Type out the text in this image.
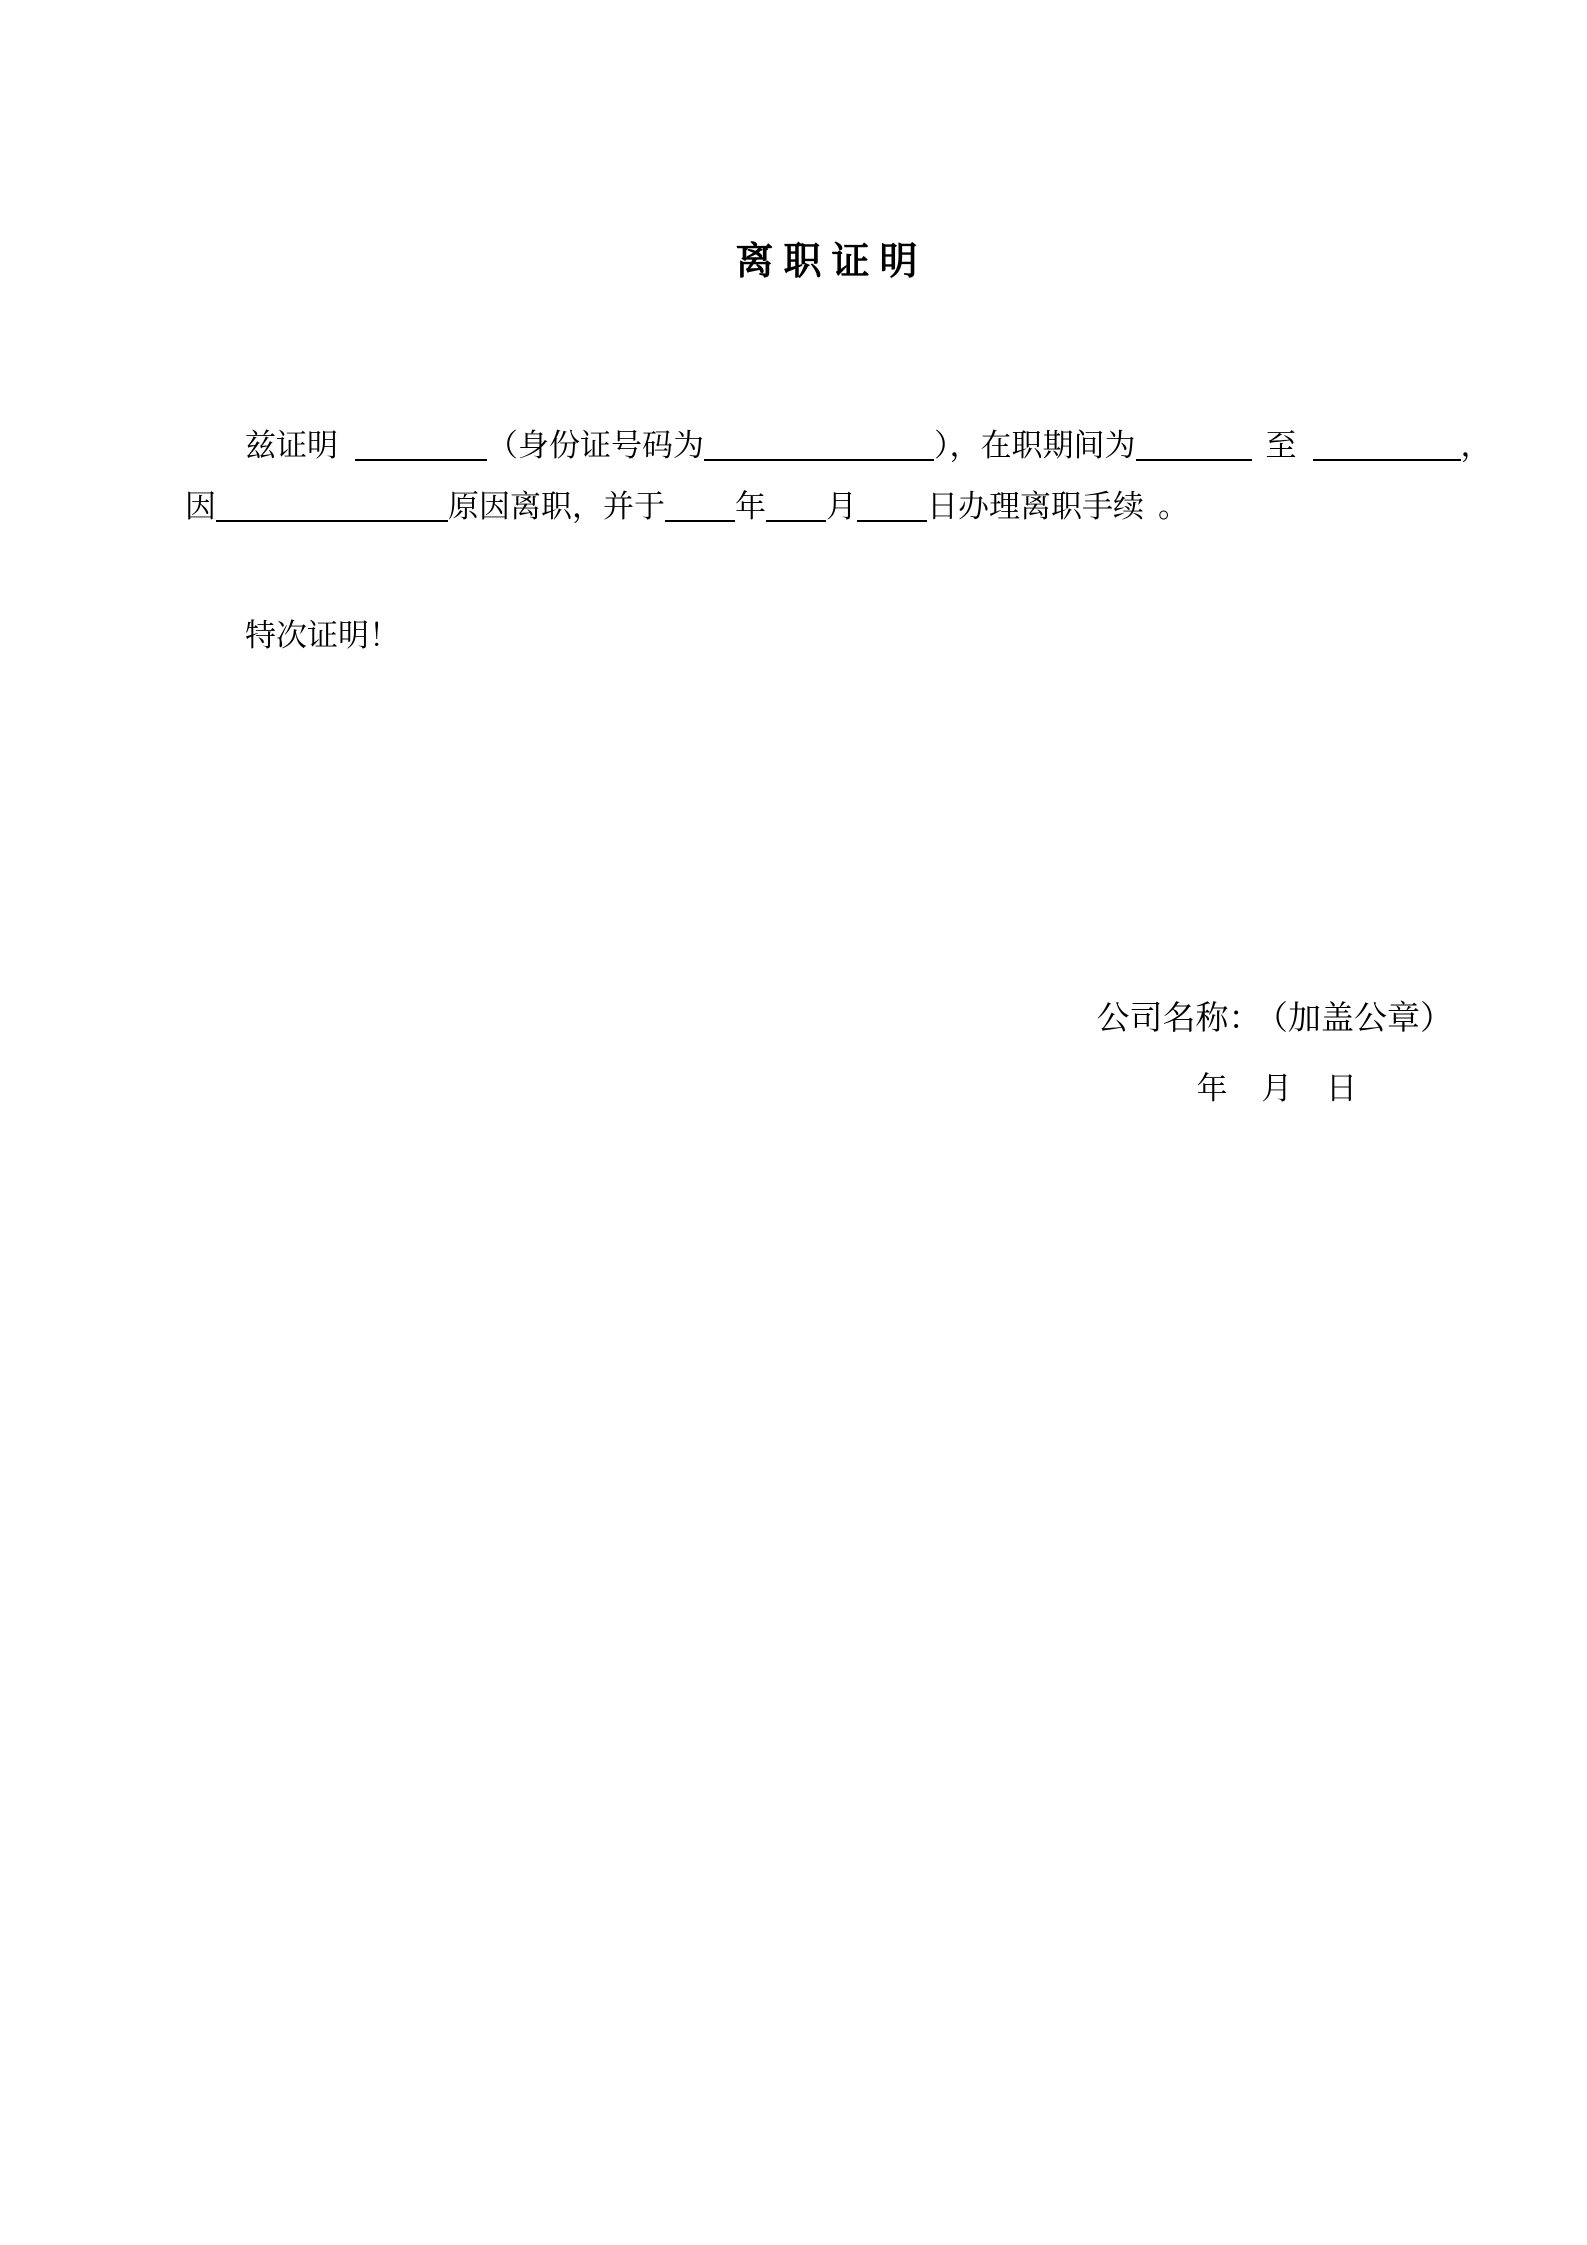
离职证明
兹证明	（身份证号码为	），在职期间为	至	，
因	原因离职，并于 年 月 日办理离职手续 。
特次证明！
公司名称： （加盖公章）
年 月 日
